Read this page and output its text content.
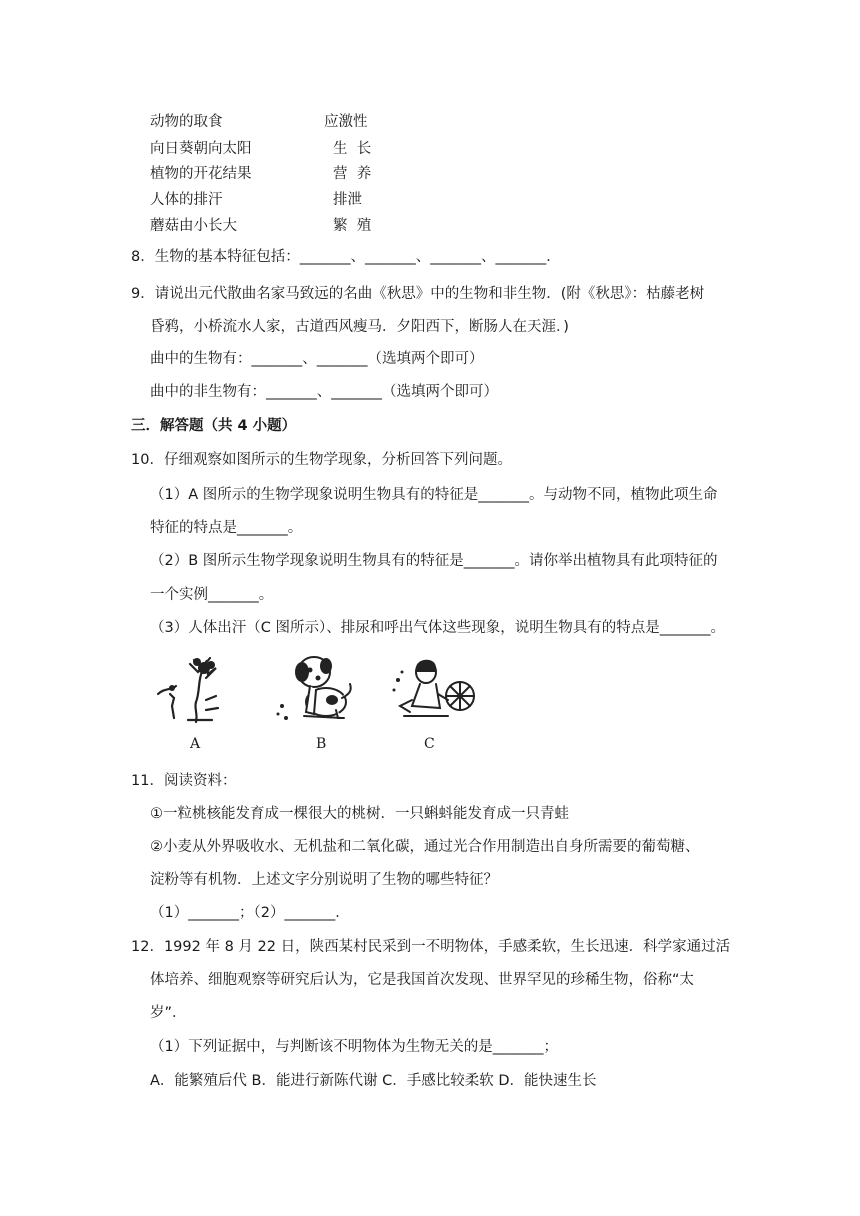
动物的取食
向日葵朝向太阳
植物的开花结果
人体的排汗
蘑菇由小长大
应激性
生  长
营  养
排泄
繁  殖
8．生物的基本特征包括：_______、_______、_______、_______．
9．请说出元代散曲名家马致远的名曲《秋思》中的生物和非生物．(附《秋思》：枯藤老树
昏鸦，小桥流水人家，古道西风瘦马．夕阳西下，断肠人在天涯．)
曲中的生物有：_______、_______（选填两个即可）
曲中的非生物有：_______、_______（选填两个即可）
三．解答题（共 4 小题）
10．仔细观察如图所示的生物学现象，分析回答下列问题。
（1）A 图所示的生物学现象说明生物具有的特征是_______。与动物不同，植物此项生命
特征的特点是_______。
（2）B 图所示生物学现象说明生物具有的特征是_______。请你举出植物具有此项特征的
一个实例_______。
（3）人体出汗（C 图所示）、排尿和呼出气体这些现象，说明生物具有的特点是_______。
A	B	C
11．阅读资料：
①一粒桃核能发育成一棵很大的桃树．一只蝌蚪能发育成一只青蛙
②小麦从外界吸收水、无机盐和二氧化碳，通过光合作用制造出自身所需要的葡萄糖、
淀粉等有机物．上述文字分别说明了生物的哪些特征？
（1）_______；（2）_______．
12．1992 年 8 月 22 日，陕西某村民采到一不明物体，手感柔软，生长迅速．科学家通过活
体培养、细胞观察等研究后认为，它是我国首次发现、世界罕见的珍稀生物，俗称“太
岁”．
（1）下列证据中，与判断该不明物体为生物无关的是_______；
A．能繁殖后代 B．能进行新陈代谢 C．手感比较柔软 D．能快速生长
